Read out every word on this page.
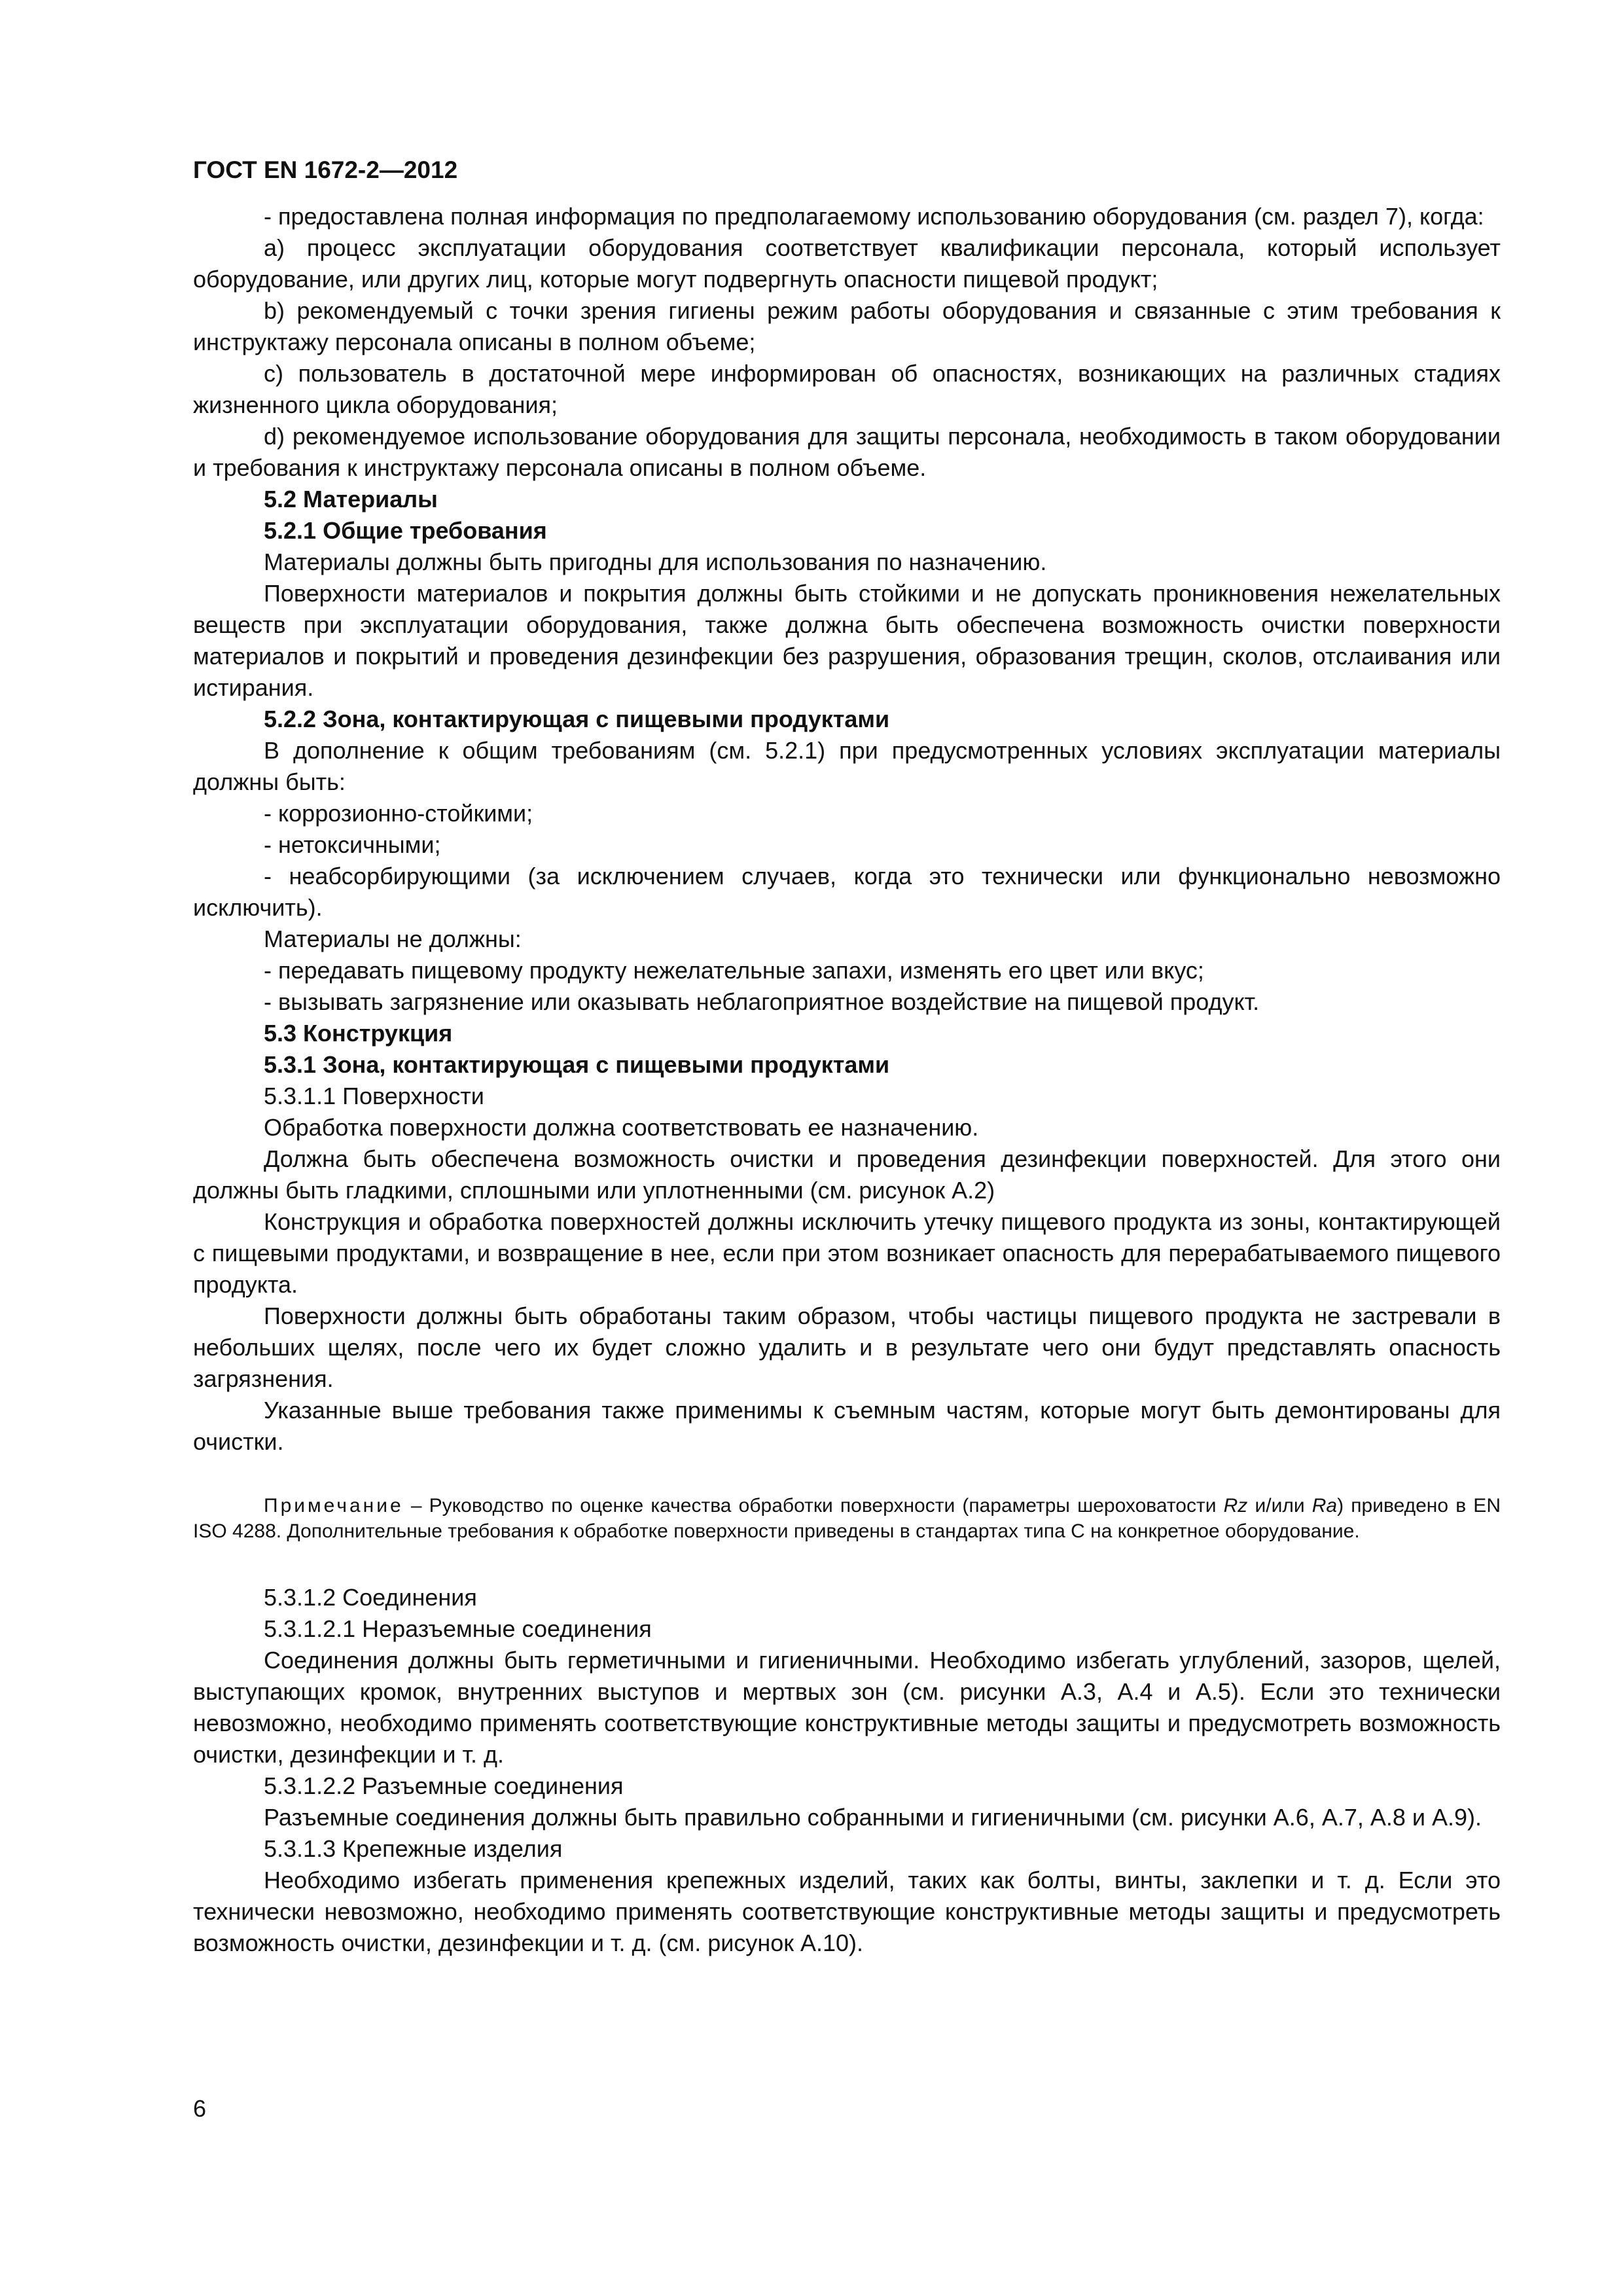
ГОСТ EN 1672-2—2012

- предоставлена полная информация по предполагаемому использованию оборудования (см. раздел 7), когда:

a) процесс эксплуатации оборудования соответствует квалификации персонала, который использует оборудование, или других лиц, которые могут подвергнуть опасности пищевой продукт;

b) рекомендуемый с точки зрения гигиены режим работы оборудования и связанные с этим требования к инструктажу персонала описаны в полном объеме;

c) пользователь в достаточной мере информирован об опасностях, возникающих на различных стадиях жизненного цикла оборудования;

d) рекомендуемое использование оборудования для защиты персонала, необходимость в таком оборудовании и требования к инструктажу персонала описаны в полном объеме.

5.2 Материалы

5.2.1 Общие требования

Материалы должны быть пригодны для использования по назначению.

Поверхности материалов и покрытия должны быть стойкими и не допускать проникновения нежелательных веществ при эксплуатации оборудования, также должна быть обеспечена возможность очистки поверхности материалов и покрытий и проведения дезинфекции без разрушения, образования трещин, сколов, отслаивания или истирания.

5.2.2 Зона, контактирующая с пищевыми продуктами

В дополнение к общим требованиям (см. 5.2.1) при предусмотренных условиях эксплуатации материалы должны быть:

- коррозионно-стойкими;

- нетоксичными;

- неабсорбирующими (за исключением случаев, когда это технически или функционально невозможно исключить).

Материалы не должны:

- передавать пищевому продукту нежелательные запахи, изменять его цвет или вкус;

- вызывать загрязнение или оказывать неблагоприятное воздействие на пищевой продукт.

5.3 Конструкция

5.3.1 Зона, контактирующая с пищевыми продуктами

5.3.1.1 Поверхности

Обработка поверхности должна соответствовать ее назначению.

Должна быть обеспечена возможность очистки и проведения дезинфекции поверхностей. Для этого они должны быть гладкими, сплошными или уплотненными (см. рисунок А.2)

Конструкция и обработка поверхностей должны исключить утечку пищевого продукта из зоны, контактирующей с пищевыми продуктами, и возвращение в нее, если при этом возникает опасность для перерабатываемого пищевого продукта.

Поверхности должны быть обработаны таким образом, чтобы частицы пищевого продукта не застревали в небольших щелях, после чего их будет сложно удалить и в результате чего они будут представлять опасность загрязнения.

Указанные выше требования также применимы к съемным частям, которые могут быть демонтированы для очистки.

Примечание – Руководство по оценке качества обработки поверхности (параметры шероховатости Rz и/или Ra) приведено в EN ISO 4288. Дополнительные требования к обработке поверхности приведены в стандартах типа С на конкретное оборудование.

5.3.1.2 Соединения

5.3.1.2.1 Неразъемные соединения

Соединения должны быть герметичными и гигиеничными. Необходимо избегать углублений, зазоров, щелей, выступающих кромок, внутренних выступов и мертвых зон (см. рисунки А.3, А.4 и А.5). Если это технически невозможно, необходимо применять соответствующие конструктивные методы защиты и предусмотреть возможность очистки, дезинфекции и т. д.

5.3.1.2.2 Разъемные соединения

Разъемные соединения должны быть правильно собранными и гигиеничными (см. рисунки А.6, А.7, А.8 и А.9).

5.3.1.3 Крепежные изделия

Необходимо избегать применения крепежных изделий, таких как болты, винты, заклепки и т. д. Если это технически невозможно, необходимо применять соответствующие конструктивные методы защиты и предусмотреть возможность очистки, дезинфекции и т. д. (см. рисунок А.10).

6
